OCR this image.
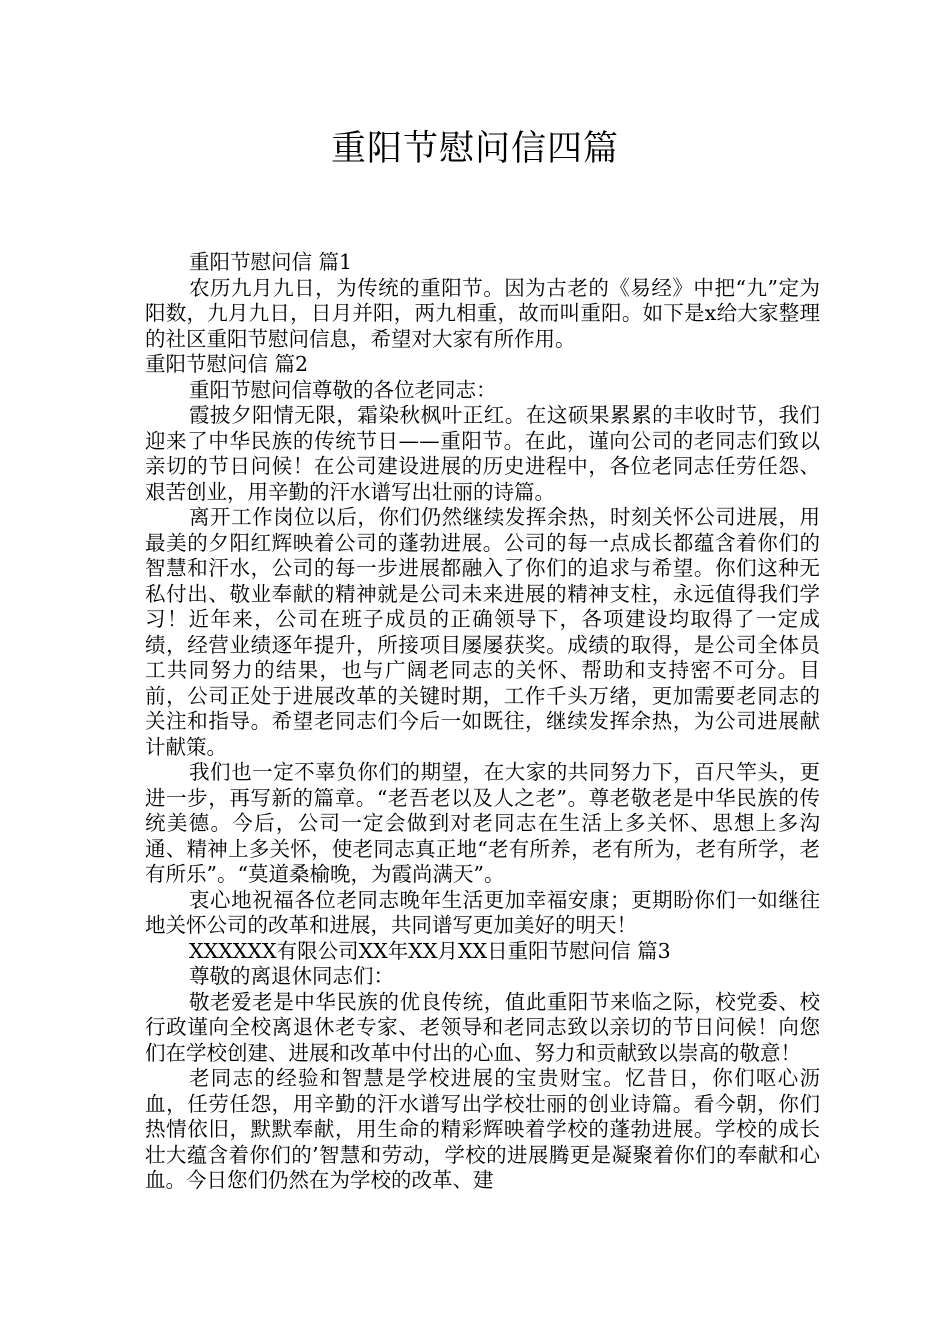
重阳节慰问信四篇

重阳节慰问信 篇1

农历九月九日，为传统的重阳节。因为古老的《易经》中把“九”定为阳数，九月九日，日月并阳，两九相重，故而叫重阳。如下是x给大家整理的社区重阳节慰问信息，希望对大家有所作用。

重阳节慰问信 篇2

重阳节慰问信尊敬的各位老同志：

霞披夕阳情无限，霜染秋枫叶正红。在这硕果累累的丰收时节，我们迎来了中华民族的传统节日——重阳节。在此，谨向公司的老同志们致以亲切的节日问候！在公司建设进展的历史进程中，各位老同志任劳任怨、艰苦创业，用辛勤的汗水谱写出壮丽的诗篇。

离开工作岗位以后，你们仍然继续发挥余热，时刻关怀公司进展，用最美的夕阳红辉映着公司的蓬勃进展。公司的每一点成长都蕴含着你们的智慧和汗水，公司的每一步进展都融入了你们的追求与希望。你们这种无私付出、敬业奉献的精神就是公司未来进展的精神支柱，永远值得我们学习！近年来，公司在班子成员的正确领导下，各项建设均取得了一定成绩，经营业绩逐年提升，所接项目屡屡获奖。成绩的取得，是公司全体员工共同努力的结果，也与广阔老同志的关怀、帮助和支持密不可分。目前，公司正处于进展改革的关键时期，工作千头万绪，更加需要老同志的关注和指导。希望老同志们今后一如既往，继续发挥余热，为公司进展献计献策。

我们也一定不辜负你们的期望，在大家的共同努力下，百尺竿头，更进一步，再写新的篇章。“老吾老以及人之老”。尊老敬老是中华民族的传统美德。今后，公司一定会做到对老同志在生活上多关怀、思想上多沟通、精神上多关怀，使老同志真正地“老有所养，老有所为，老有所学，老有所乐”。“莫道桑榆晚，为霞尚满天”。

衷心地祝福各位老同志晚年生活更加幸福安康；更期盼你们一如继往地关怀公司的改革和进展，共同谱写更加美好的明天！

XXXXXX有限公司XX年XX月XX日重阳节慰问信 篇3

尊敬的离退休同志们：

敬老爱老是中华民族的优良传统，值此重阳节来临之际，校党委、校行政谨向全校离退休老专家、老领导和老同志致以亲切的节日问候！向您们在学校创建、进展和改革中付出的心血、努力和贡献致以崇高的敬意！

老同志的经验和智慧是学校进展的宝贵财宝。忆昔日，你们呕心沥血，任劳任怨，用辛勤的汗水谱写出学校壮丽的创业诗篇。看今朝，你们热情依旧，默默奉献，用生命的精彩辉映着学校的蓬勃进展。学校的成长壮大蕴含着你们的’智慧和劳动，学校的进展腾更是凝聚着你们的奉献和心血。今日您们仍然在为学校的改革、建
